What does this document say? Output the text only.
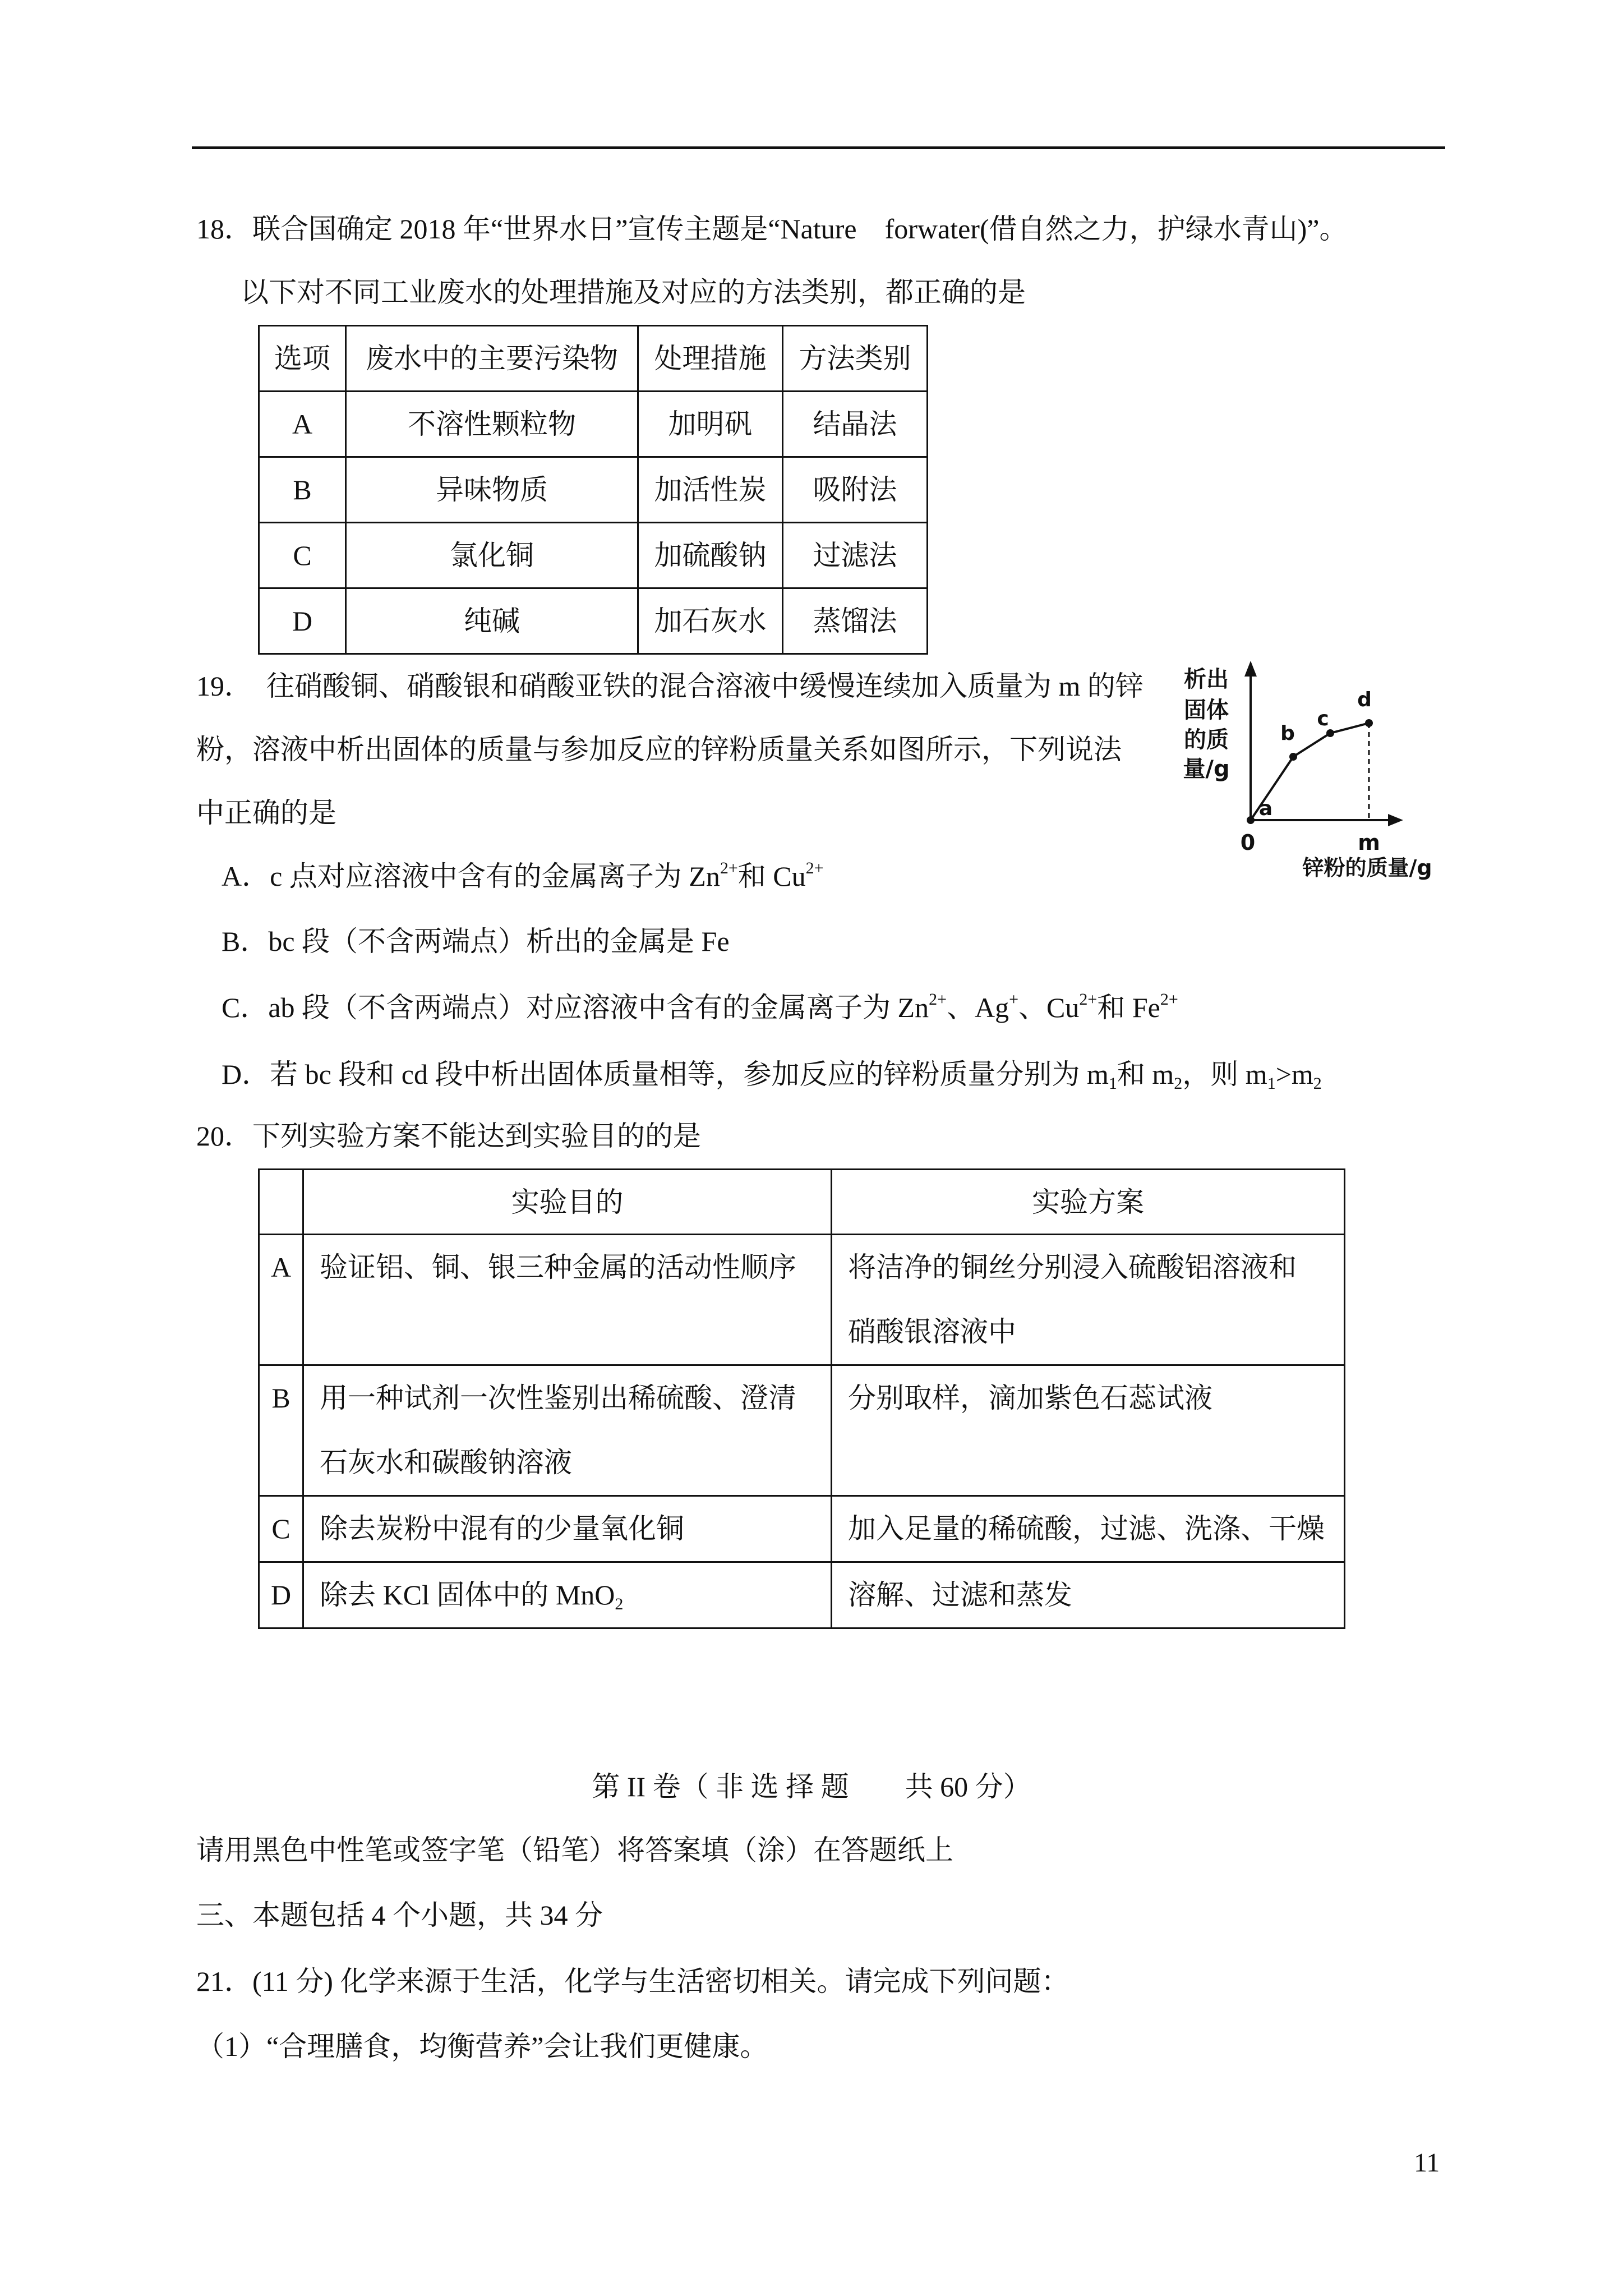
18．联合国确定 2018 年“世界水日”宣传主题是“Nature　forwater(借自然之力，护绿水青山)”。
以下对不同工业废水的处理措施及对应的方法类别，都正确的是
选项	废水中的主要污染物	处理措施	方法类别
A	不溶性颗粒物	加明矾	结晶法
B	异味物质	加活性炭	吸附法
C	氯化铜	加硫酸钠	过滤法
D	纯碱	加石灰水	蒸馏法
19．　往硝酸铜、硝酸银和硝酸亚铁的混合溶液中缓慢连续加入质量为 m 的锌
粉，溶液中析出固体的质量与参加反应的锌粉质量关系如图所示，下列说法
中正确的是
析出
固体
的质
量/g
a
b
c
d
0	m
锌粉的质量/g
A．c 点对应溶液中含有的金属离子为 $Zn^{2+}$和 $Cu^{2+}$
B．bc 段（不含两端点）析出的金属是 Fe
C．ab 段（不含两端点）对应溶液中含有的金属离子为 $Zn^{2+}$、Ag+、$Cu^{2+}$和 $Fe^{2+}$
D．若 bc 段和 cd 段中析出固体质量相等，参加反应的锌粉质量分别为 $m_1$和 $m_2$，则 $m_1>m_2$
20．下列实验方案不能达到实验目的的是
	实验目的	实验方案
A	验证铝、铜、银三种金属的活动性顺序	将洁净的铜丝分别浸入硫酸铝溶液和
硝酸银溶液中

B	用一种试剂一次性鉴别出稀硫酸、澄清
石灰水和碳酸钠溶液	分别取样，滴加紫色石蕊试液

C	除去炭粉中混有的少量氧化铜	加入足量的稀硫酸，过滤、洗涤、干燥

D	除去 KCl 固体中的 MnO$_2$	溶解、过滤和蒸发
第 II 卷（ 非 选 择 题　　共 60 分）
请用黑色中性笔或签字笔（铅笔）将答案填（涂）在答题纸上
三、本题包括 4 个小题，共 34 分
21．(11 分) 化学来源于生活，化学与生活密切相关。请完成下列问题：
（1）“合理膳食，均衡营养”会让我们更健康。
11
